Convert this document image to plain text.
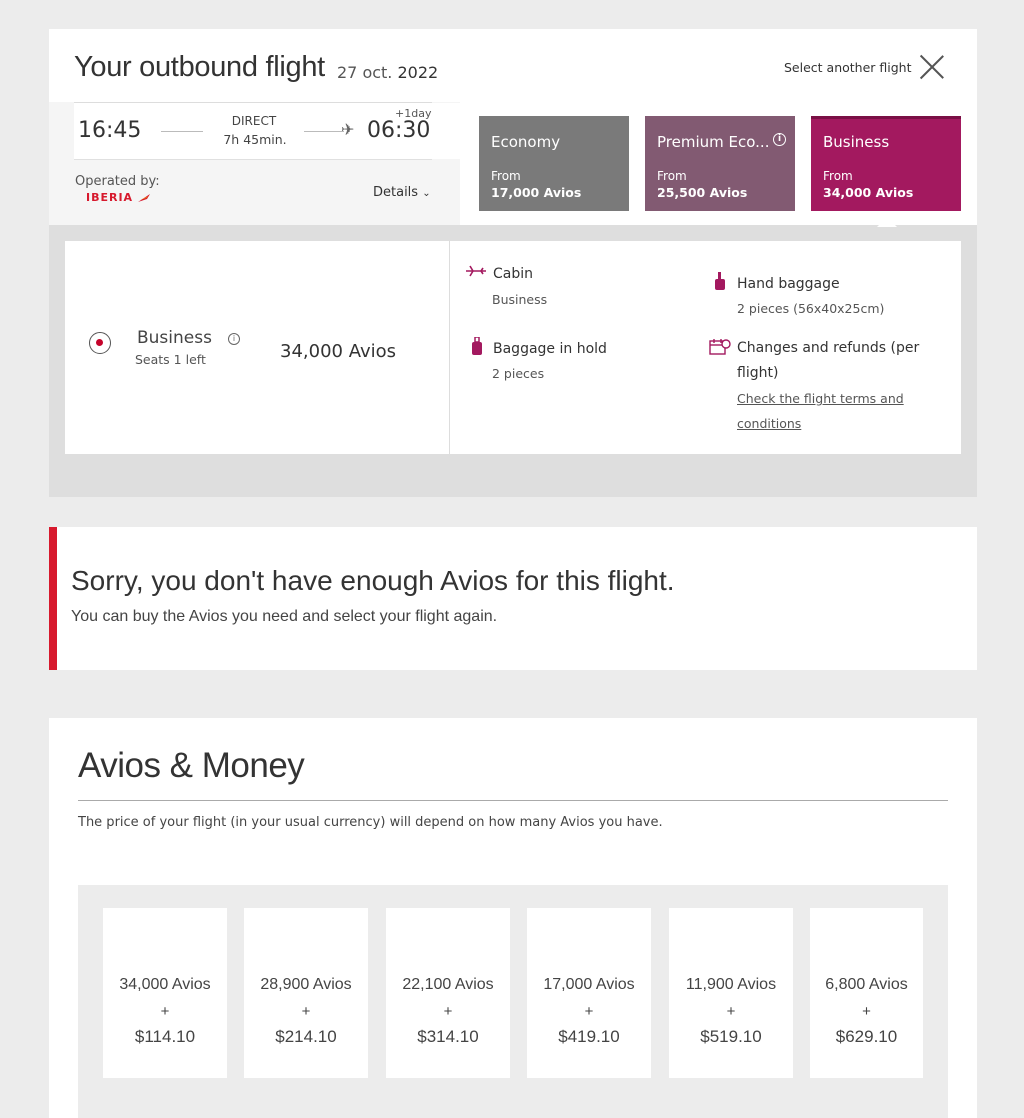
Your outbound flight 27 oct. 2022	Select another flight
16:45	DIRECT
7h 45min.
✈
+1day
06:30
Operated by:
IBERIA	Details ⌄
Economy
From
17,000 Avios
Premium Eco... i
From
25,500 Avios
Business
From
34,000 Avios
Business	i
Seats 1 left	34,000 Avios
Cabin
Business
Hand baggage
2 pieces (56x40x25cm)
Baggage in hold
2 pieces
Changes and refunds (per flight)
Check the flight terms and conditions
Sorry, you don't have enough Avios for this flight.
You can buy the Avios you need and select your flight again.
Avios & Money
The price of your flight (in your usual currency) will depend on how many Avios you have.
34,000 Avios
+
$114.10
28,900 Avios
+
$214.10
22,100 Avios
+
$314.10
17,000 Avios
+
$419.10
11,900 Avios
+
$519.10
6,800 Avios
+
$629.10
